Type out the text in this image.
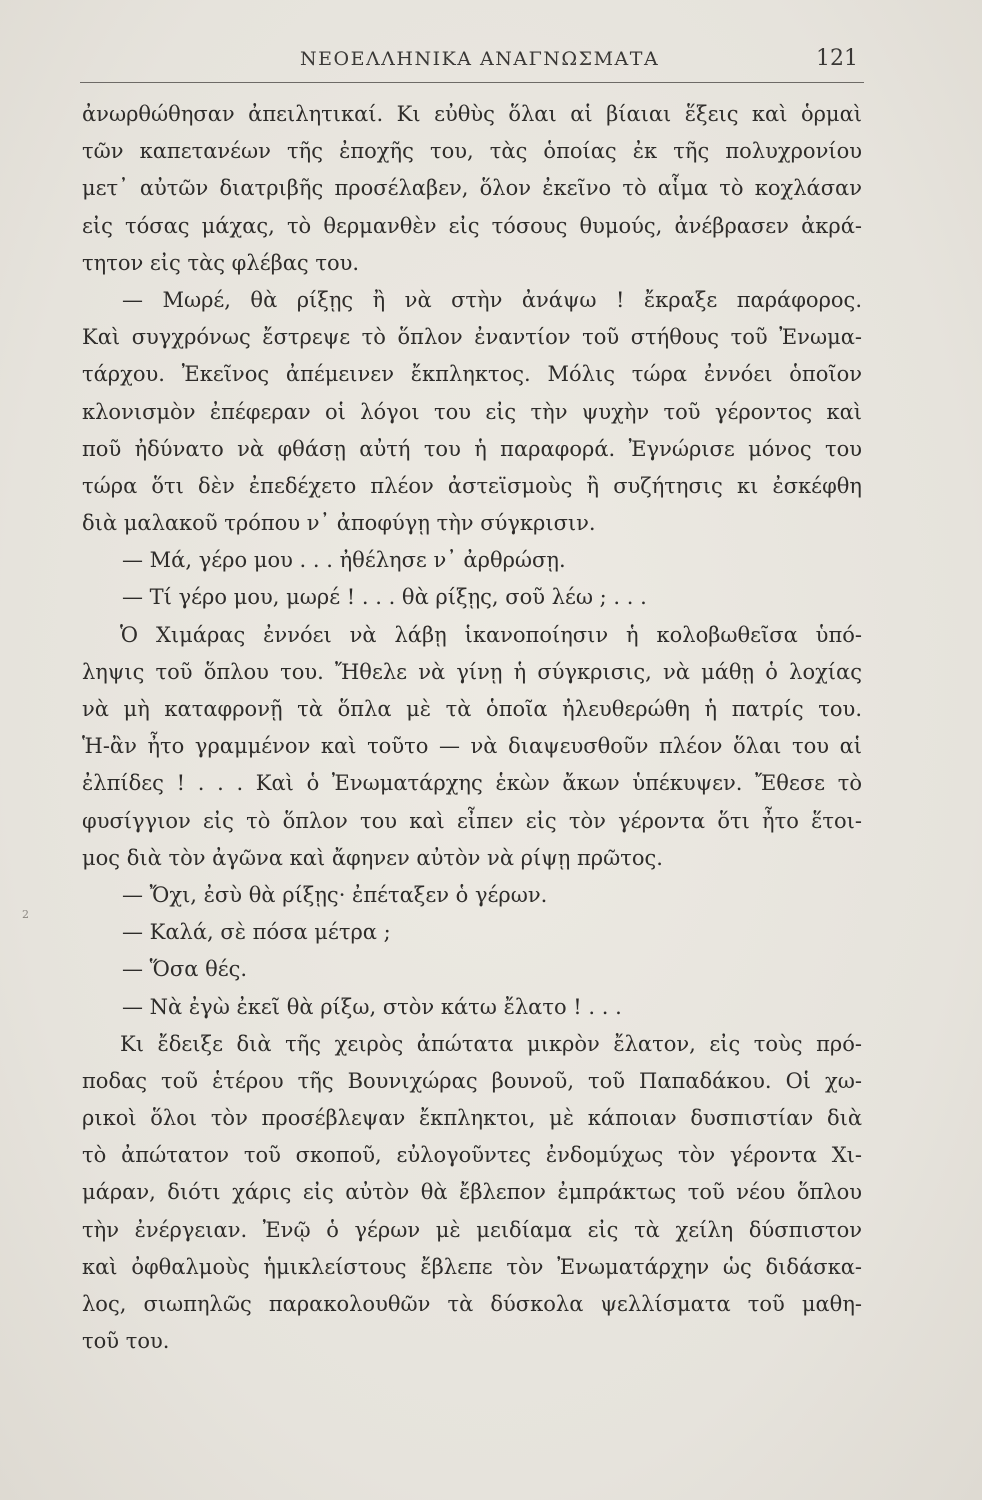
ΝΕΟΕΛΛΗΝΙΚΑ ΑΝΑΓΝΩΣΜΑΤΑ	121
ἀνωρθώθησαν ἀπειλητικαί. Κι εὐθὺς ὅλαι αἱ βίαιαι ἕξεις καὶ ὁρμαὶ
τῶν καπετανέων τῆς ἐποχῆς του, τὰς ὁποίας ἐκ τῆς πολυχρονίου
μετ᾽ αὐτῶν διατριβῆς προσέλαβεν, ὅλον ἐκεῖνο τὸ αἷμα τὸ κοχλάσαν
εἰς τόσας μάχας, τὸ θερμανθὲν εἰς τόσους θυμούς, ἀνέβρασεν ἀκρά-
τητον εἰς τὰς φλέβας του.
— Μωρέ, θὰ ρίξῃς ἢ νὰ στὴν ἀνάψω ! ἔκραξε παράφορος.
Καὶ συγχρόνως ἔστρεψε τὸ ὅπλον ἐναντίον τοῦ στήθους τοῦ Ἐνωμα-
τάρχου. Ἐκεῖνος ἀπέμεινεν ἔκπληκτος. Μόλις τώρα ἐννόει ὁποῖον
κλονισμὸν ἐπέφεραν οἱ λόγοι του εἰς τὴν ψυχὴν τοῦ γέροντος καὶ
ποῦ ἠδύνατο νὰ φθάσῃ αὐτή του ἡ παραφορά. Ἐγνώρισε μόνος του
τώρα ὅτι δὲν ἐπεδέχετο πλέον ἀστεϊσμοὺς ἢ συζήτησις κι ἐσκέφθη
διὰ μαλακοῦ τρόπου ν᾽ ἀποφύγῃ τὴν σύγκρισιν.
— Μά, γέρο μου . . . ἠθέλησε ν᾽ ἀρθρώσῃ.
— Τί γέρο μου, μωρέ ! . . . θὰ ρίξῃς, σοῦ λέω ; . . .
Ὁ Χιμάρας ἐννόει νὰ λάβῃ ἱκανοποίησιν ἡ κολοβωθεῖσα ὑπό-
ληψις τοῦ ὅπλου του. Ἤθελε νὰ γίνῃ ἡ σύγκρισις, νὰ μάθῃ ὁ λοχίας
νὰ μὴ καταφρονῇ τὰ ὅπλα μὲ τὰ ὁποῖα ἠλευθερώθη ἡ πατρίς του.
Ἡ-ἂν ἦτο γραμμένον καὶ τοῦτο — νὰ διαψευσθοῦν πλέον ὅλαι του αἱ
ἐλπίδες ! . . . Καὶ ὁ Ἐνωματάρχης ἑκὼν ἄκων ὑπέκυψεν. Ἔθεσε τὸ
φυσίγγιον εἰς τὸ ὅπλον του καὶ εἶπεν εἰς τὸν γέροντα ὅτι ἦτο ἕτοι-
μος διὰ τὸν ἀγῶνα καὶ ἄφηνεν αὐτὸν νὰ ρίψῃ πρῶτος.
— Ὄχι, ἐσὺ θὰ ρίξῃς· ἐπέταξεν ὁ γέρων.
— Καλά, σὲ πόσα μέτρα ;
— Ὅσα θές.
— Νὰ ἐγὼ ἐκεῖ θὰ ρίξω, στὸν κάτω ἔλατο ! . . .
Κι ἔδειξε διὰ τῆς χειρὸς ἀπώτατα μικρὸν ἔλατον, εἰς τοὺς πρό-
ποδας τοῦ ἑτέρου τῆς Βουνιχώρας βουνοῦ, τοῦ Παπαδάκου. Οἱ χω-
ρικοὶ ὅλοι τὸν προσέβλεψαν ἔκπληκτοι, μὲ κάποιαν δυσπιστίαν διὰ
τὸ ἀπώτατον τοῦ σκοποῦ, εὐλογοῦντες ἐνδομύχως τὸν γέροντα Χι-
μάραν, διότι χάρις εἰς αὐτὸν θὰ ἔβλεπον ἐμπράκτως τοῦ νέου ὅπλου
τὴν ἐνέργειαν. Ἐνῷ ὁ γέρων μὲ μειδίαμα εἰς τὰ χείλη δύσπιστον
καὶ ὀφθαλμοὺς ἡμικλείστους ἔβλεπε τὸν Ἐνωματάρχην ὡς διδάσκα-
λος, σιωπηλῶς παρακολουθῶν τὰ δύσκολα ψελλίσματα τοῦ μαθη-
τοῦ του.
2
